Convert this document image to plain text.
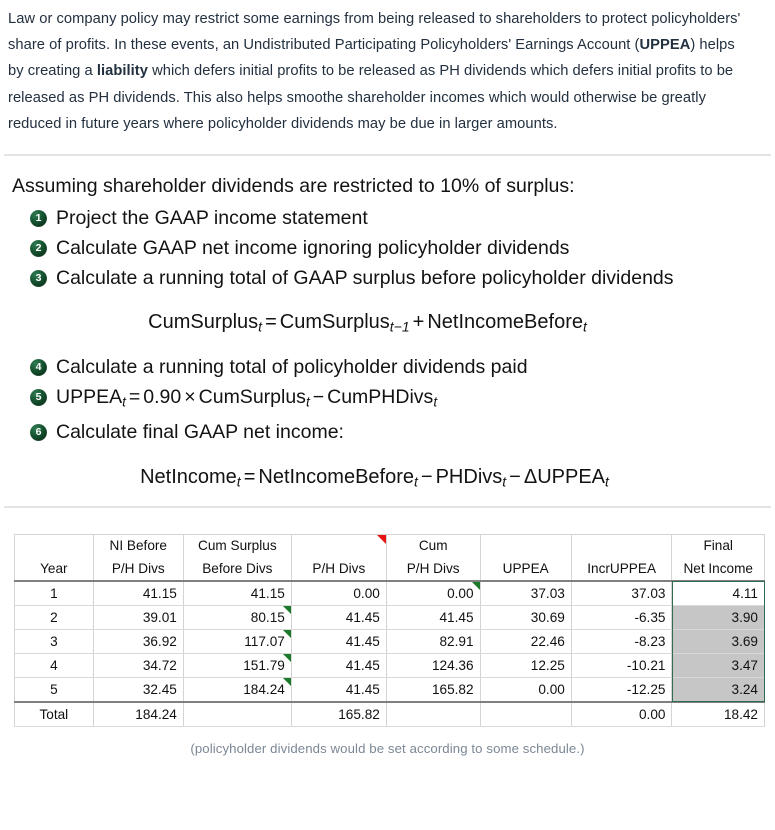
Law or company policy may restrict some earnings from being released to shareholders to protect policyholders' share of profits. In these events, an Undistributed Participating Policyholders' Earnings Account (UPPEA) helps by creating a liability which defers initial profits to be released as PH dividends which defers initial profits to be released as PH dividends. This also helps smoothe shareholder incomes which would otherwise be greatly reduced in future years where policyholder dividends may be due in larger amounts.
Assuming shareholder dividends are restricted to 10% of surplus:
1 Project the GAAP income statement
2 Calculate GAAP net income ignoring policyholder dividends
3 Calculate a running total of GAAP surplus before policyholder dividends
CumSurplus$_t$ = CumSurplus$_{t-1}$ + NetIncomeBefore$_t$
4 Calculate a running total of policyholder dividends paid
5 $UPPEA_t = 0.90$ × CumSurplus$_t$ − CumPHDivs$_t$
6 Calculate final GAAP net income:
NetIncome$_t$ = NetIncomeBefore$_t$ − PHDivs$_t$ − $\Delta UPPEA_t$
	NI Before	Cum Surplus		Cum			Final
Year	P/H Divs	Before Divs	P/H Divs	P/H Divs	UPPEA	IncrUPPEA	Net Income
1	41.15	41.15	0.00	0.00	37.03	37.03	4.11
2	39.01	80.15	41.45	41.45	30.69	-6.35	3.90
3	36.92	117.07	41.45	82.91	22.46	-8.23	3.69
4	34.72	151.79	41.45	124.36	12.25	-10.21	3.47
5	32.45	184.24	41.45	165.82	0.00	-12.25	3.24
Total	184.24		165.82			0.00	18.42
(policyholder dividends would be set according to some schedule.)
